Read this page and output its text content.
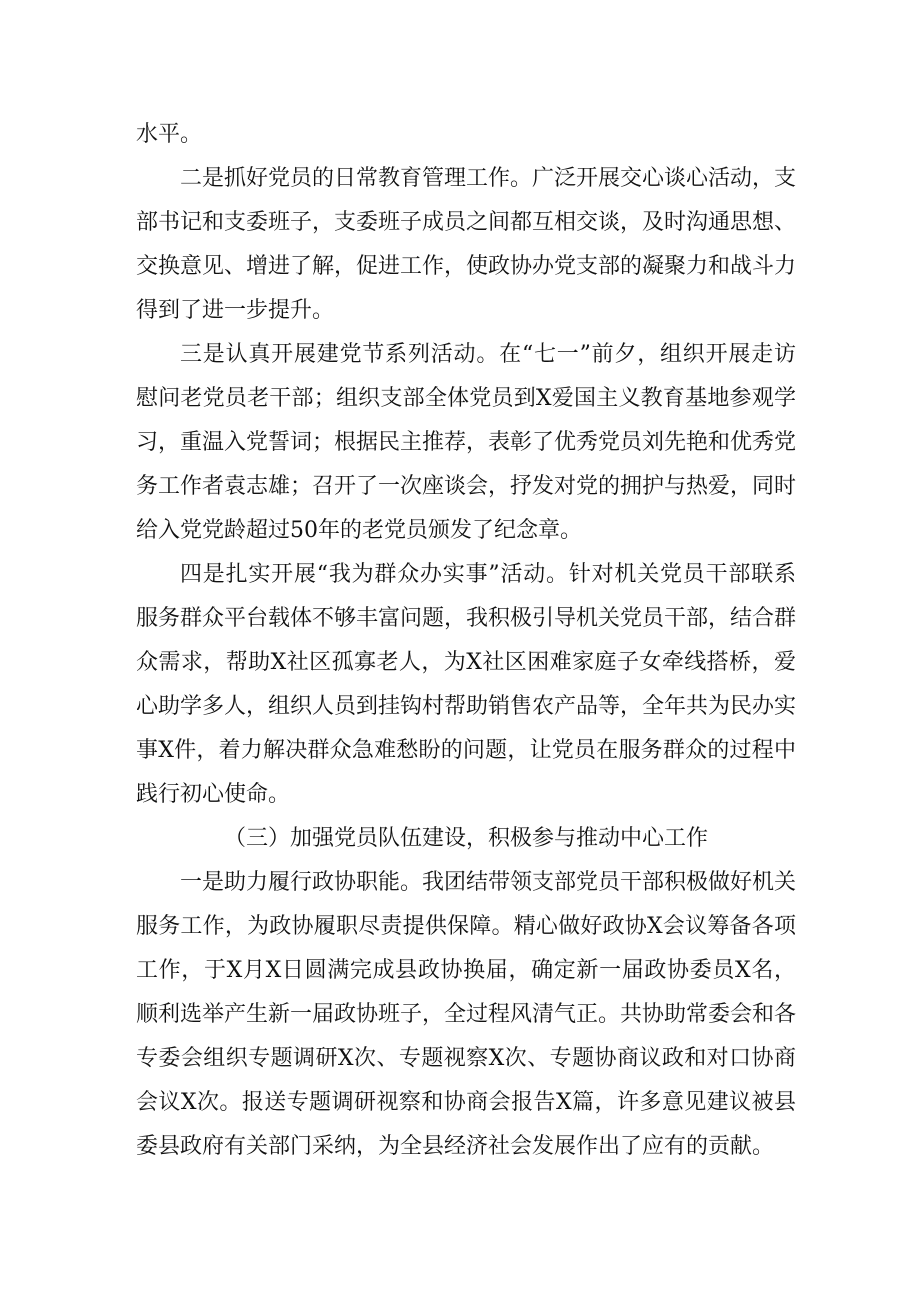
水平。

二是抓好党员的日常教育管理工作。广泛开展交心谈心活动，支部书记和支委班子，支委班子成员之间都互相交谈，及时沟通思想、交换意见、增进了解，促进工作，使政协办党支部的凝聚力和战斗力得到了进一步提升。

三是认真开展建党节系列活动。在“七一”前夕，组织开展走访慰问老党员老干部；组织支部全体党员到X爱国主义教育基地参观学习，重温入党誓词；根据民主推荐，表彰了优秀党员刘先艳和优秀党务工作者袁志雄；召开了一次座谈会，抒发对党的拥护与热爱，同时给入党党龄超过50年的老党员颁发了纪念章。

四是扎实开展“我为群众办实事”活动。针对机关党员干部联系服务群众平台载体不够丰富问题，我积极引导机关党员干部，结合群众需求，帮助X社区孤寡老人，为X社区困难家庭子女牵线搭桥，爱心助学多人，组织人员到挂钩村帮助销售农产品等，全年共为民办实事X件，着力解决群众急难愁盼的问题，让党员在服务群众的过程中践行初心使命。

（三）加强党员队伍建设，积极参与推动中心工作

一是助力履行政协职能。我团结带领支部党员干部积极做好机关服务工作，为政协履职尽责提供保障。精心做好政协X会议筹备各项工作，于X月X日圆满完成县政协换届，确定新一届政协委员X名，顺利选举产生新一届政协班子，全过程风清气正。共协助常委会和各专委会组织专题调研X次、专题视察X次、专题协商议政和对口协商会议X次。报送专题调研视察和协商会报告X篇，许多意见建议被县委县政府有关部门采纳，为全县经济社会发展作出了应有的贡献。
